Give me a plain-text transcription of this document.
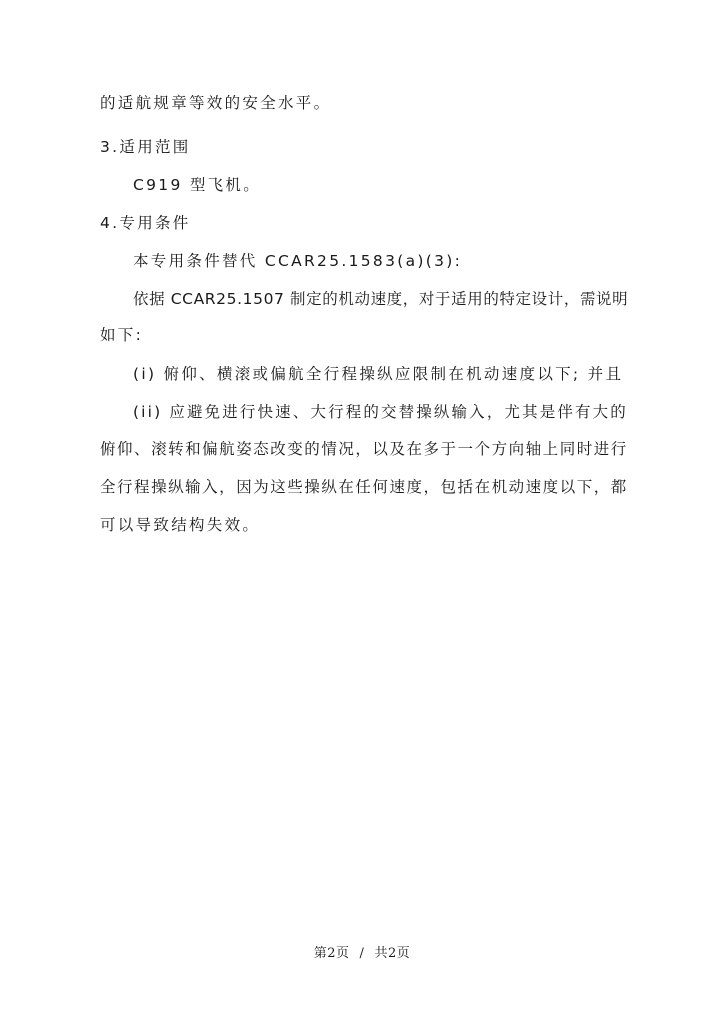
的适航规章等效的安全水平。
3.适用范围
C919 型飞机。
4.专用条件
本专用条件替代 CCAR25.1583(a)(3):
依据 CCAR25.1507 制定的机动速度，对于适用的特定设计，需说明
如下:
(i) 俯仰、横滚或偏航全行程操纵应限制在机动速度以下; 并且
(ii) 应避免进行快速、大行程的交替操纵输入，尤其是伴有大的
俯仰、滚转和偏航姿态改变的情况，以及在多于一个方向轴上同时进行
全行程操纵输入，因为这些操纵在任何速度，包括在机动速度以下，都
可以导致结构失效。
第2页 / 共2页
